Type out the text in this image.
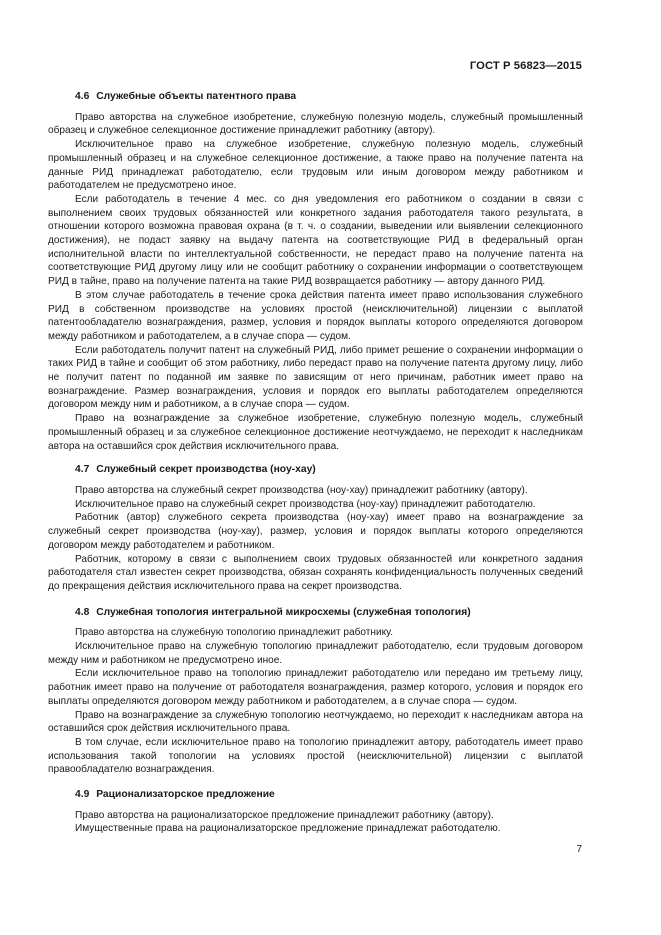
ГОСТ Р 56823—2015
4.6 Служебные объекты патентного права

Право авторства на служебное изобретение, служебную полезную модель, служебный промышленный образец и служебное селекционное достижение принадлежит работнику (автору).

Исключительное право на служебное изобретение, служебную полезную модель, служебный промышленный образец и на служебное селекционное достижение, а также право на получение патента на данные РИД принадлежат работодателю, если трудовым или иным договором между работником и работодателем не предусмотрено иное.

Если работодатель в течение 4 мес. со дня уведомления его работником о создании в связи с выполнением своих трудовых обязанностей или конкретного задания работодателя такого результата, в отношении которого возможна правовая охрана (в т. ч. о создании, выведении или выявлении селекционного достижения), не подаст заявку на выдачу патента на соответствующие РИД в федеральный орган исполнительной власти по интеллектуальной собственности, не передаст право на получение патента на соответствующие РИД другому лицу или не сообщит работнику о сохранении информации о соответствующем РИД в тайне, право на получение патента на такие РИД возвращается работнику — автору данного РИД.

В этом случае работодатель в течение срока действия патента имеет право использования служебного РИД в собственном производстве на условиях простой (неисключительной) лицензии с выплатой патентообладателю вознаграждения, размер, условия и порядок выплаты которого определяются договором между работником и работодателем, а в случае спора — судом.

Если работодатель получит патент на служебный РИД, либо примет решение о сохранении информации о таких РИД в тайне и сообщит об этом работнику, либо передаст право на получение патента другому лицу, либо не получит патент по поданной им заявке по зависящим от него причинам, работник имеет право на вознаграждение. Размер вознаграждения, условия и порядок его выплаты работодателем определяются договором между ним и работником, а в случае спора — судом.

Право на вознаграждение за служебное изобретение, служебную полезную модель, служебный промышленный образец и за служебное селекционное достижение неотчуждаемо, не переходит к наследникам автора на оставшийся срок действия исключительного права.

4.7 Служебный секрет производства (ноу-хау)

Право авторства на служебный секрет производства (ноу-хау) принадлежит работнику (автору).

Исключительное право на служебный секрет производства (ноу-хау) принадлежит работодателю.

Работник (автор) служебного секрета производства (ноу-хау) имеет право на вознаграждение за служебный секрет производства (ноу-хау), размер, условия и порядок выплаты которого определяются договором между работодателем и работником.

Работник, которому в связи с выполнением своих трудовых обязанностей или конкретного задания работодателя стал известен секрет производства, обязан сохранять конфиденциальность полученных сведений до прекращения действия исключительного права на секрет производства.

4.8 Служебная топология интегральной микросхемы (служебная топология)

Право авторства на служебную топологию принадлежит работнику.

Исключительное право на служебную топологию принадлежит работодателю, если трудовым договором между ним и работником не предусмотрено иное.

Если исключительное право на топологию принадлежит работодателю или передано им третьему лицу, работник имеет право на получение от работодателя вознаграждения, размер которого, условия и порядок его выплаты определяются договором между работником и работодателем, а в случае спора — судом.

Право на вознаграждение за служебную топологию неотчуждаемо, но переходит к наследникам автора на оставшийся срок действия исключительного права.

В том случае, если исключительное право на топологию принадлежит автору, работодатель имеет право использования такой топологии на условиях простой (неисключительной) лицензии с выплатой правообладателю вознаграждения.

4.9 Рационализаторское предложение

Право авторства на рационализаторское предложение принадлежит работнику (автору).

Имущественные права на рационализаторское предложение принадлежат работодателю.

7
